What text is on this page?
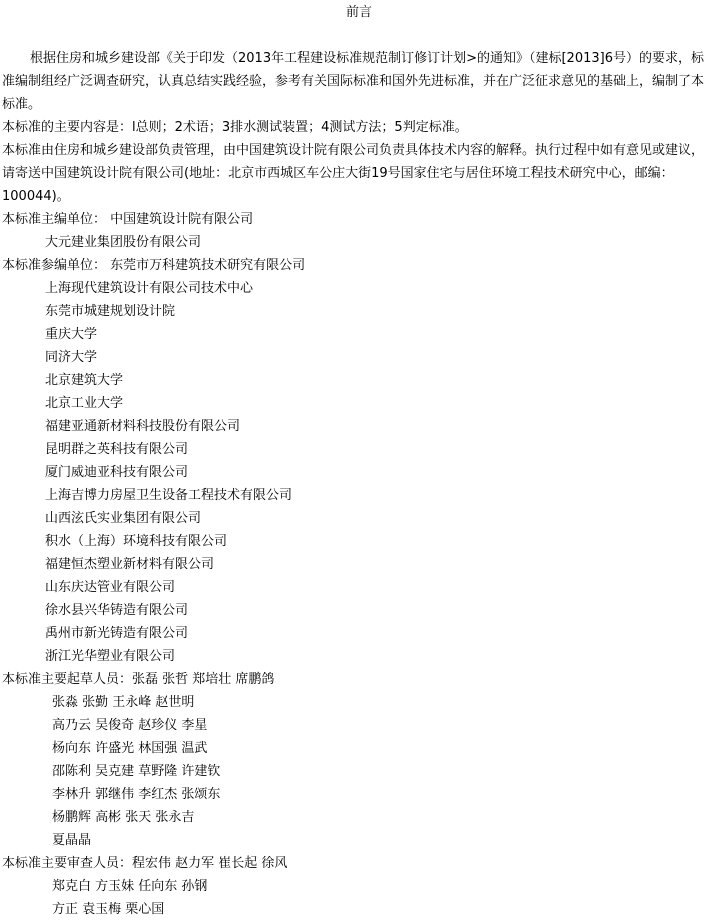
前言

根据住房和城乡建设部《关于印发（2013年工程建设标准规范制订修订计划>的通知》（建标[2013]6号）的要求，标准编制组经广泛调查研究，认真总结实践经验，参考有关国际标准和国外先进标准，并在广泛征求意见的基础上，编制了本标准。

本标准的主要内容是：l总则；2术语；3排水测试装置；4测试方法；5判定标准。

本标准由住房和城乡建设部负责管理，由中国建筑设计院有限公司负责具体技术内容的解释。执行过程中如有意见或建议，请寄送中国建筑设计院有限公司(地址：北京市西城区车公庄大街19号国家住宅与居住环境工程技术研究中心，邮编：100044)。

本标准主编单位： 中国建筑设计院有限公司

大元建业集团股份有限公司

本标准参编单位： 东莞市万科建筑技术研究有限公司

上海现代建筑设计有限公司技术中心

东莞市城建规划设计院

重庆大学

同济大学

北京建筑大学

北京工业大学

福建亚通新材料科技股份有限公司

昆明群之英科技有限公司

厦门威迪亚科技有限公司

上海吉博力房屋卫生设备工程技术有限公司

山西泫氏实业集团有限公司

积水（上海）环境科技有限公司

福建恒杰塑业新材料有限公司

山东庆达管业有限公司

徐水县兴华铸造有限公司

禹州市新光铸造有限公司

浙江光华塑业有限公司

本标准主要起草人员：张磊 张哲 郑培壮 席鹏鸽

张淼 张勤 王永峰 赵世明

高乃云 吴俊奇 赵珍仪 李星

杨向东 许盛光 林国强 温武

邵陈利 吴克建 草野隆 许建钦

李林升 郭继伟 李红杰 张颂东

杨鹏辉 高彬 张天 张永吉

夏晶晶

本标准主要审查人员：程宏伟 赵力军 崔长起 徐风

郑克白 方玉妹 任向东 孙钢

方正 袁玉梅 栗心国
